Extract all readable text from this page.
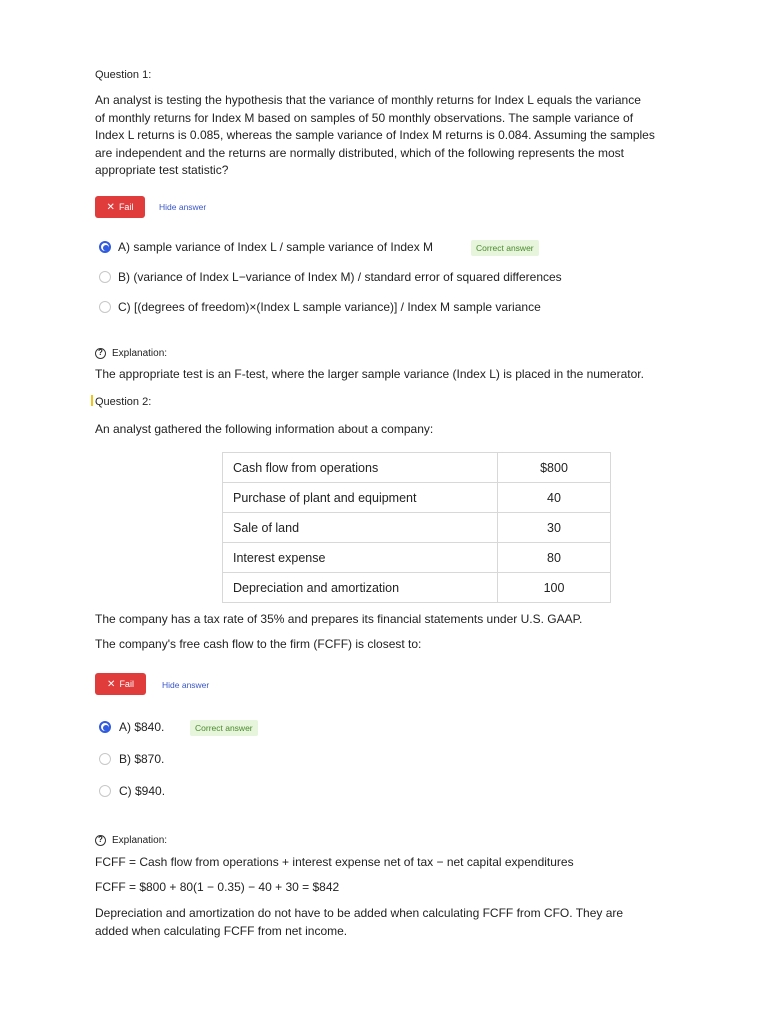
Question 1:
An analyst is testing the hypothesis that the variance of monthly returns for Index L equals the variance
of monthly returns for Index M based on samples of 50 monthly observations. The sample variance of
Index L returns is 0.085, whereas the sample variance of Index M returns is 0.084. Assuming the samples
are independent and the returns are normally distributed, which of the following represents the most
appropriate test statistic?
✕ Fail	Hide answer
A) sample variance of Index L / sample variance of Index M	Correct answer
B) (variance of Index L−variance of Index M) / standard error of squared differences
C) [(degrees of freedom)×(Index L sample variance)] / Index M sample variance
? Explanation:
The appropriate test is an F-test, where the larger sample variance (Index L) is placed in the numerator.
Question 2:
An analyst gathered the following information about a company:
Cash flow from operations	$800
Purchase of plant and equipment	40
Sale of land	30
Interest expense	80
Depreciation and amortization	100
The company has a tax rate of 35% and prepares its financial statements under U.S. GAAP.
The company's free cash flow to the firm (FCFF) is closest to:
✕ Fail	Hide answer
A) $840.	Correct answer
B) $870.
C) $940.
? Explanation:
FCFF = Cash flow from operations + interest expense net of tax − net capital expenditures
FCFF = $800 + 80(1 − 0.35) − 40 + 30 = $842
Depreciation and amortization do not have to be added when calculating FCFF from CFO. They are
added when calculating FCFF from net income.
